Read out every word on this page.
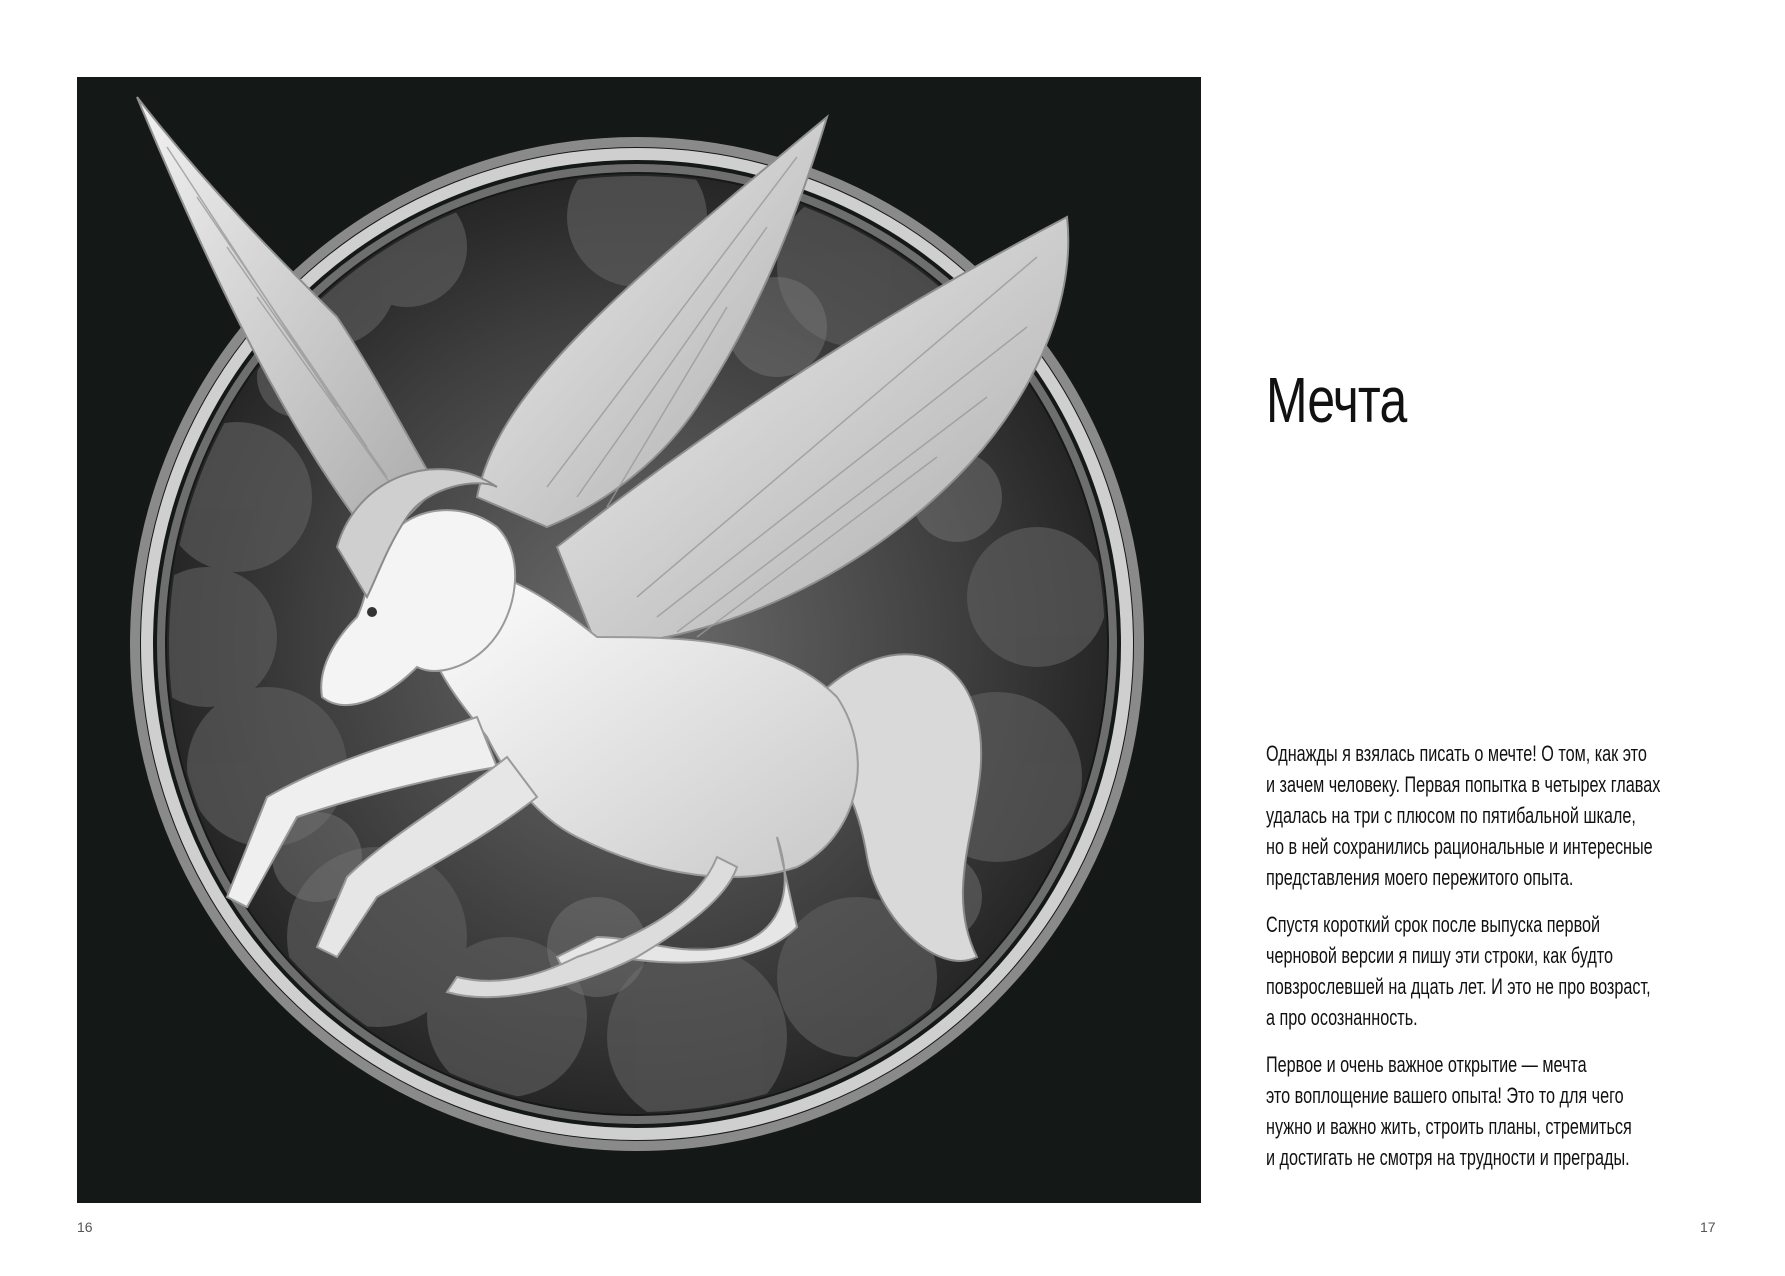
Мечта

Однажды я взялась писать о мечте! О том, как это
и зачем человеку. Первая попытка в четырех главах
удалась на три с плюсом по пятибальной шкале,
но в ней сохранились рациональные и интересные
представления моего пережитого опыта.

Спустя короткий срок после выпуска первой
черновой версии я пишу эти строки, как будто
повзрослевшей на дцать лет. И это не про возраст,
а про осознанность.

Первое и очень важное открытие — мечта
это воплощение вашего опыта! Это то для чего
нужно и важно жить, строить планы, стремиться
и достигать не смотря на трудности и преграды.

16	17
